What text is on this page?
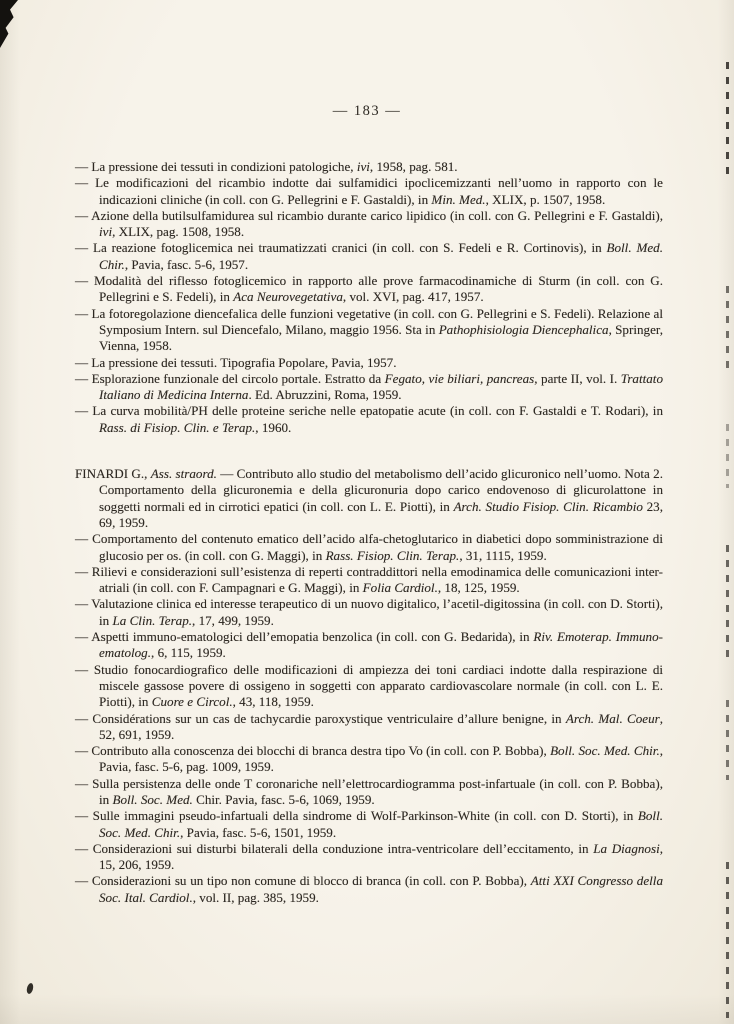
— 183 —

— La pressione dei tessuti in condizioni patologiche, ivi, 1958, pag. 581.

— Le modificazioni del ricambio indotte dai sulfamidici ipoclicemizzanti nell’uomo in rapporto con le indicazioni cliniche (in coll. con G. Pellegrini e F. Gastaldi), in Min. Med., XLIX, p. 1507, 1958.

— Azione della butilsulfamidurea sul ricambio durante carico lipidico (in coll. con G. Pellegrini e F. Gastaldi), ivi, XLIX, pag. 1508, 1958.

— La reazione fotoglicemica nei traumatizzati cranici (in coll. con S. Fedeli e R. Cortinovis), in Boll. Med. Chir., Pavia, fasc. 5-6, 1957.

— Modalità del riflesso fotoglicemico in rapporto alle prove farmacodinamiche di Sturm (in coll. con G. Pellegrini e S. Fedeli), in Aca Neurovegetativa, vol. XVI, pag. 417, 1957.

— La fotoregolazione diencefalica delle funzioni vegetative (in coll. con G. Pellegrini e S. Fedeli). Relazione al Symposium Intern. sul Diencefalo, Milano, maggio 1956. Sta in Pathophisiologia Diencephalica, Springer, Vienna, 1958.

— La pressione dei tessuti. Tipografia Popolare, Pavia, 1957.

— Esplorazione funzionale del circolo portale. Estratto da Fegato, vie biliari, pancreas, parte II, vol. I. Trattato Italiano di Medicina Interna. Ed. Abruzzini, Roma, 1959.

— La curva mobilità/PH delle proteine seriche nelle epatopatie acute (in coll. con F. Gastaldi e T. Rodari), in Rass. di Fisiop. Clin. e Terap., 1960.

FINARDI G., Ass. straord. — Contributo allo studio del metabolismo dell’acido glicuronico nell’uomo. Nota 2. Comportamento della glicuronemia e della glicuronuria dopo carico endovenoso di glicurolattone in soggetti normali ed in cirrotici epatici (in coll. con L. E. Piotti), in Arch. Studio Fisiop. Clin. Ricambio 23, 69, 1959.

— Comportamento del contenuto ematico dell’acido alfa-chetoglutarico in diabetici dopo somministrazione di glucosio per os. (in coll. con G. Maggi), in Rass. Fisiop. Clin. Terap., 31, 1115, 1959.

— Rilievi e considerazioni sull’esistenza di reperti contraddittori nella emodinamica delle comunicazioni inter-atriali (in coll. con F. Campagnari e G. Maggi), in Folia Cardiol., 18, 125, 1959.

— Valutazione clinica ed interesse terapeutico di un nuovo digitalico, l’acetil-digitossina (in coll. con D. Storti), in La Clin. Terap., 17, 499, 1959.

— Aspetti immuno-ematologici dell’emopatia benzolica (in coll. con G. Bedarida), in Riv. Emoterap. Immuno-ematolog., 6, 115, 1959.

— Studio fonocardiografico delle modificazioni di ampiezza dei toni cardiaci indotte dalla respirazione di miscele gassose povere di ossigeno in soggetti con apparato cardiovascolare normale (in coll. con L. E. Piotti), in Cuore e Circol., 43, 118, 1959.

— Considérations sur un cas de tachycardie paroxystique ventriculaire d’allure benigne, in Arch. Mal. Coeur, 52, 691, 1959.

— Contributo alla conoscenza dei blocchi di branca destra tipo Vo (in coll. con P. Bobba), Boll. Soc. Med. Chir., Pavia, fasc. 5-6, pag. 1009, 1959.

— Sulla persistenza delle onde T coronariche nell’elettrocardiogramma post-infartuale (in coll. con P. Bobba), in Boll. Soc. Med. Chir. Pavia, fasc. 5-6, 1069, 1959.

— Sulle immagini pseudo-infartuali della sindrome di Wolf-Parkinson-White (in coll. con D. Storti), in Boll. Soc. Med. Chir., Pavia, fasc. 5-6, 1501, 1959.

— Considerazioni sui disturbi bilaterali della conduzione intra-ventricolare dell’eccitamento, in La Diagnosi, 15, 206, 1959.

— Considerazioni su un tipo non comune di blocco di branca (in coll. con P. Bobba), Atti XXI Congresso della Soc. Ital. Cardiol., vol. II, pag. 385, 1959.
